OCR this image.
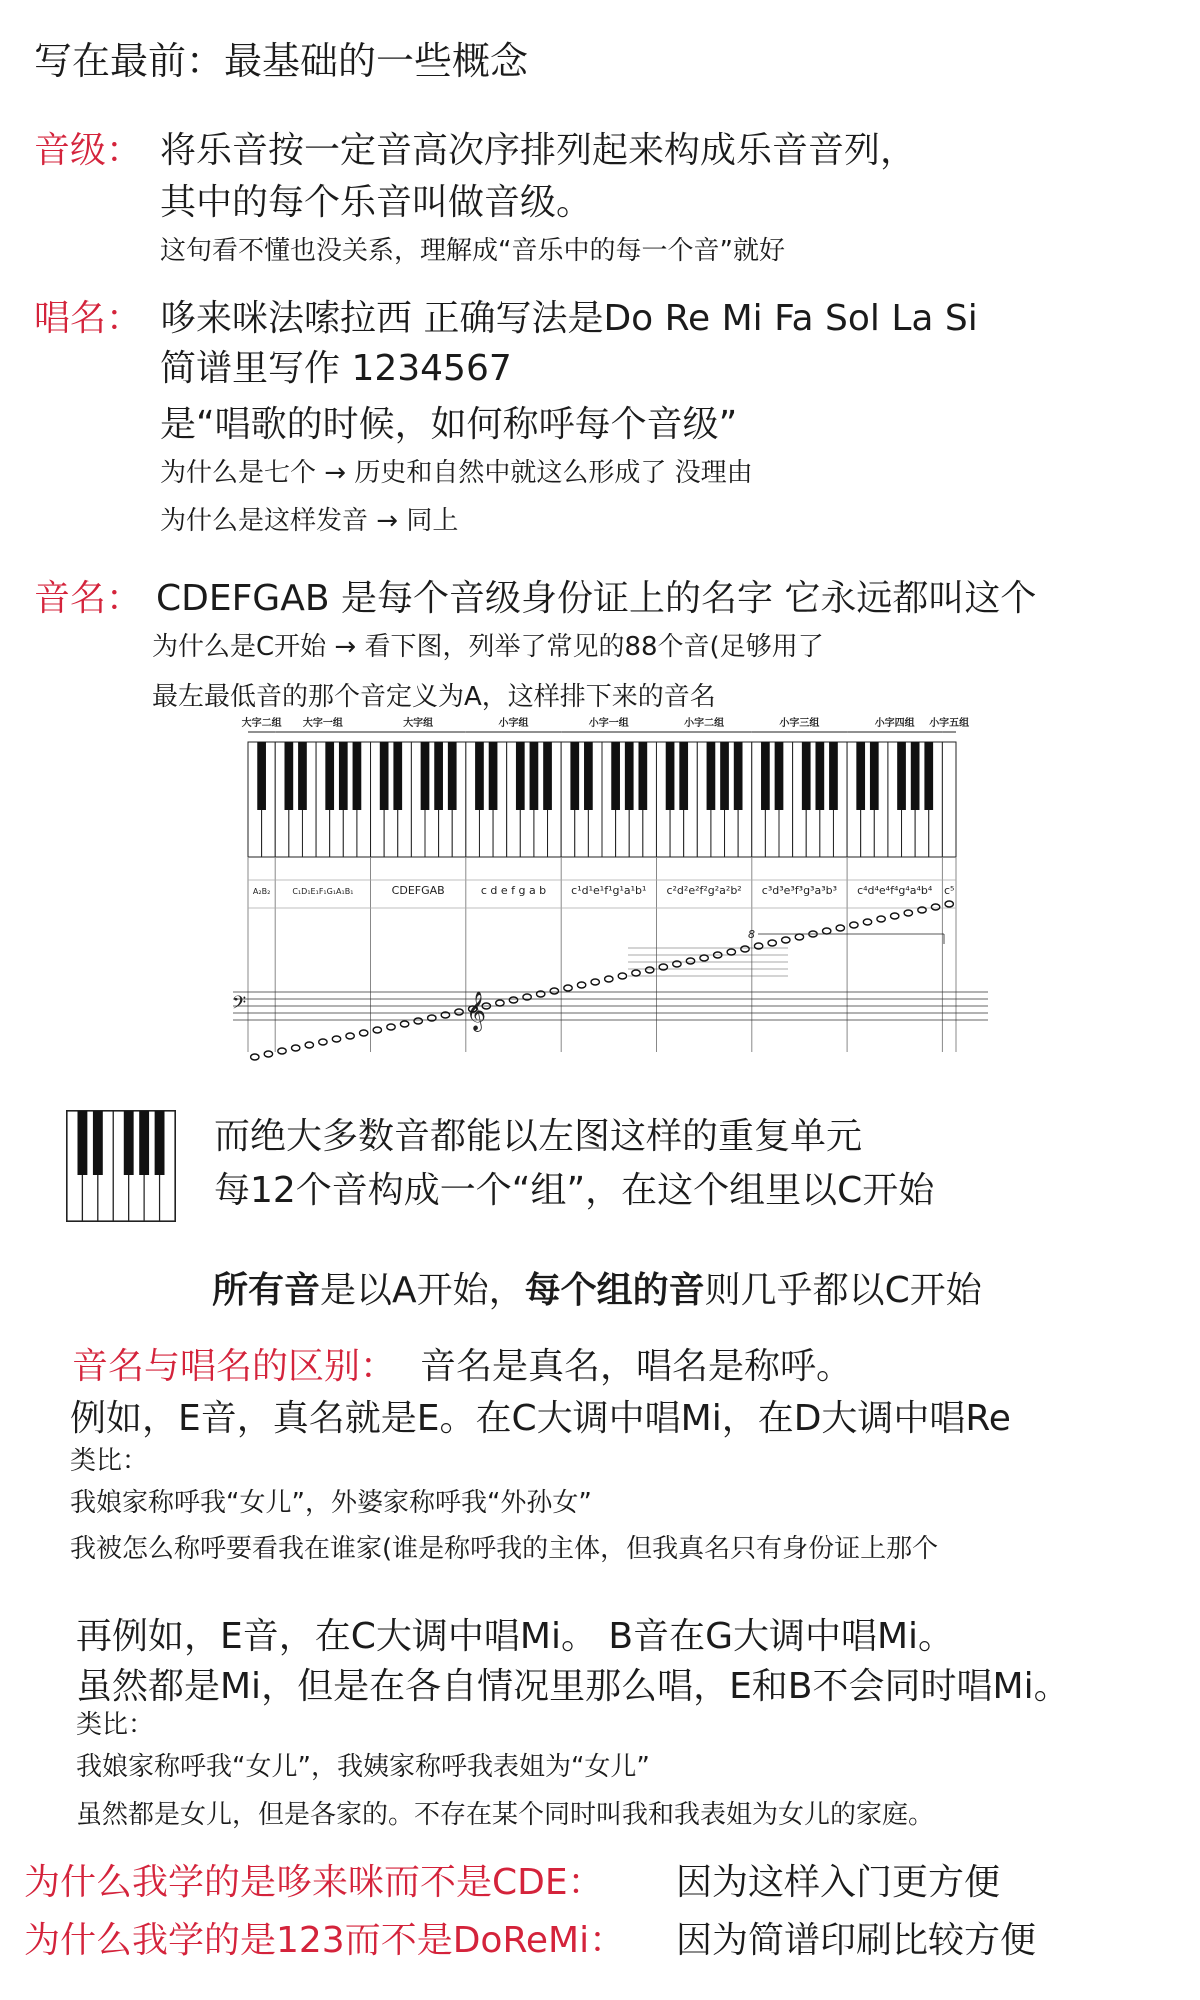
写在最前：最基础的一些概念
音级： 将乐音按一定音高次序排列起来构成乐音音列，
其中的每个乐音叫做音级。
这句看不懂也没关系，理解成“音乐中的每一个音”就好
唱名： 哆来咪法嗦拉西 正确写法是Do Re Mi Fa Sol La Si
简谱里写作 1234567
是“唱歌的时候，如何称呼每个音级”
为什么是七个 → 历史和自然中就这么形成了 没理由
为什么是这样发音 → 同上
音名： CDEFGAB 是每个音级身份证上的名字 它永远都叫这个
为什么是C开始 → 看下图，列举了常见的88个音(足够用了
最左最低音的那个音定义为A，这样排下来的音名
大字二组 大字一组	大字组	小字组	小字一组	小字二组	小字三组	小字四组 小字五组
A₂B₂	C₁D₁E₁F₁G₁A₁B₁	CDEFGAB	c d e f g a b c¹d¹e¹f¹g¹a¹b¹ c²d²e²f²g²a²b² c³d³e³f³g³a³b³ c⁴d⁴e⁴f⁴g⁴a⁴b⁴ c⁵
𝄢	𝄞
8
而绝大多数音都能以左图这样的重复单元
每12个音构成一个“组”，在这个组里以C开始
所有音是以A开始，每个组的音则几乎都以C开始
音名与唱名的区别： 音名是真名，唱名是称呼。
例如，E音，真名就是E。在C大调中唱Mi，在D大调中唱Re
类比：
我娘家称呼我“女儿”，外婆家称呼我“外孙女”
我被怎么称呼要看我在谁家(谁是称呼我的主体，但我真名只有身份证上那个
再例如，E音，在C大调中唱Mi。 B音在G大调中唱Mi。
虽然都是Mi，但是在各自情况里那么唱，E和B不会同时唱Mi。
类比：
我娘家称呼我“女儿”，我姨家称呼我表姐为“女儿”
虽然都是女儿，但是各家的。不存在某个同时叫我和我表姐为女儿的家庭。
为什么我学的是哆来咪而不是CDE： 因为这样入门更方便
为什么我学的是123而不是DoReMi： 因为简谱印刷比较方便
